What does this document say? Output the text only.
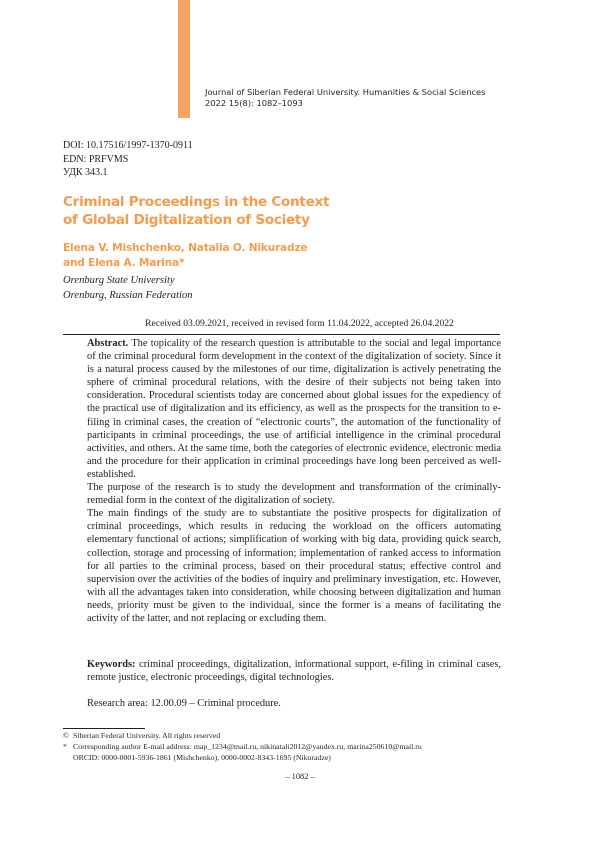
Journal of Siberian Federal University. Humanities & Social Sciences
2022 15(8): 1082–1093
DOI: 10.17516/1997-1370-0911
EDN: PRFVMS
УДК 343.1
Criminal Proceedings in the Context
of Global Digitalization of Society
Elena V. Mishchenko, Natalia O. Nikuradze
and Elena A. Marina*
Orenburg State University
Orenburg, Russian Federation
Received 03.09.2021, received in revised form 11.04.2022, accepted 26.04.2022

Abstract. The topicality of the research question is attributable to the social and legal importance of the criminal procedural form development in the context of the digitalization of society. Since it is a natural process caused by the milestones of our time, digitalization is actively penetrating the sphere of criminal procedural relations, with the desire of their subjects not being taken into consideration. Procedural scientists today are concerned about global issues for the expediency of the practical use of digitalization and its efficiency, as well as the prospects for the transition to e-filing in criminal cases, the creation of “electronic courts”, the automation of the functionality of participants in criminal proceedings, the use of artificial intelligence in the criminal procedural activities, and others. At the same time, both the categories of electronic evidence, electronic media and the procedure for their application in criminal proceedings have long been perceived as well-established.

The purpose of the research is to study the development and transformation of the criminally-remedial form in the context of the digitalization of society.

The main findings of the study are to substantiate the positive prospects for digitalization of criminal proceedings, which results in reducing the workload on the officers automating elementary functional of actions; simplification of working with big data, providing quick search, collection, storage and processing of information; implementation of ranked access to information for all parties to the criminal process, based on their procedural status; effective control and supervision over the activities of the bodies of inquiry and preliminary investigation, etc. However, with all the advantages taken into consideration, while choosing between digitalization and human needs, priority must be given to the individual, since the former is a means of facilitating the activity of the latter, and not replacing or excluding them.

Keywords: criminal proceedings, digitalization, informational support, e-filing in criminal cases, remote justice, electronic proceedings, digital technologies.

Research area: 12.00.09 – Criminal procedure.
© Siberian Federal University. All rights reserved
* Corresponding author E-mail address: map_1234@mail.ru, nikinatali2012@yandex.ru, marina250610@mail.ru
ORCID: 0000-0001-5936-1861 (Mishchenko), 0000-0002-8343-1695 (Nikuradze)
– 1082 –
